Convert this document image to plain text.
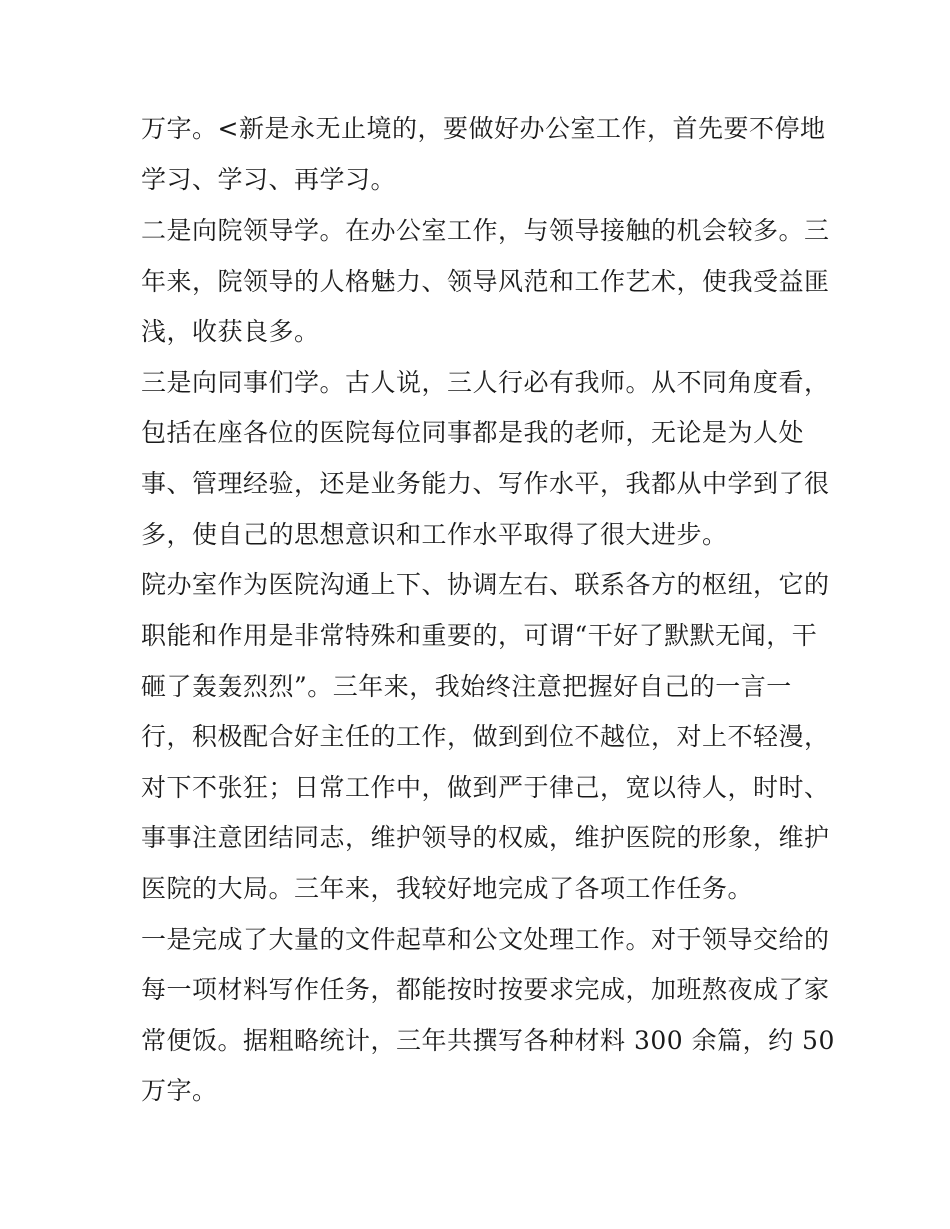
万字。<新是永无止境的，要做好办公室工作，首先要不停地
学习、学习、再学习。
二是向院领导学。在办公室工作，与领导接触的机会较多。三
年来，院领导的人格魅力、领导风范和工作艺术，使我受益匪
浅，收获良多。
三是向同事们学。古人说，三人行必有我师。从不同角度看，
包括在座各位的医院每位同事都是我的老师，无论是为人处
事、管理经验，还是业务能力、写作水平，我都从中学到了很
多，使自己的思想意识和工作水平取得了很大进步。
院办室作为医院沟通上下、协调左右、联系各方的枢纽，它的
职能和作用是非常特殊和重要的，可谓“干好了默默无闻，干
砸了轰轰烈烈”。三年来，我始终注意把握好自己的一言一
行，积极配合好主任的工作，做到到位不越位，对上不轻漫，
对下不张狂；日常工作中，做到严于律己，宽以待人，时时、
事事注意团结同志，维护领导的权威，维护医院的形象，维护
医院的大局。三年来，我较好地完成了各项工作任务。
一是完成了大量的文件起草和公文处理工作。对于领导交给的
每一项材料写作任务，都能按时按要求完成，加班熬夜成了家
常便饭。据粗略统计，三年共撰写各种材料 300 余篇，约 50
万字。
